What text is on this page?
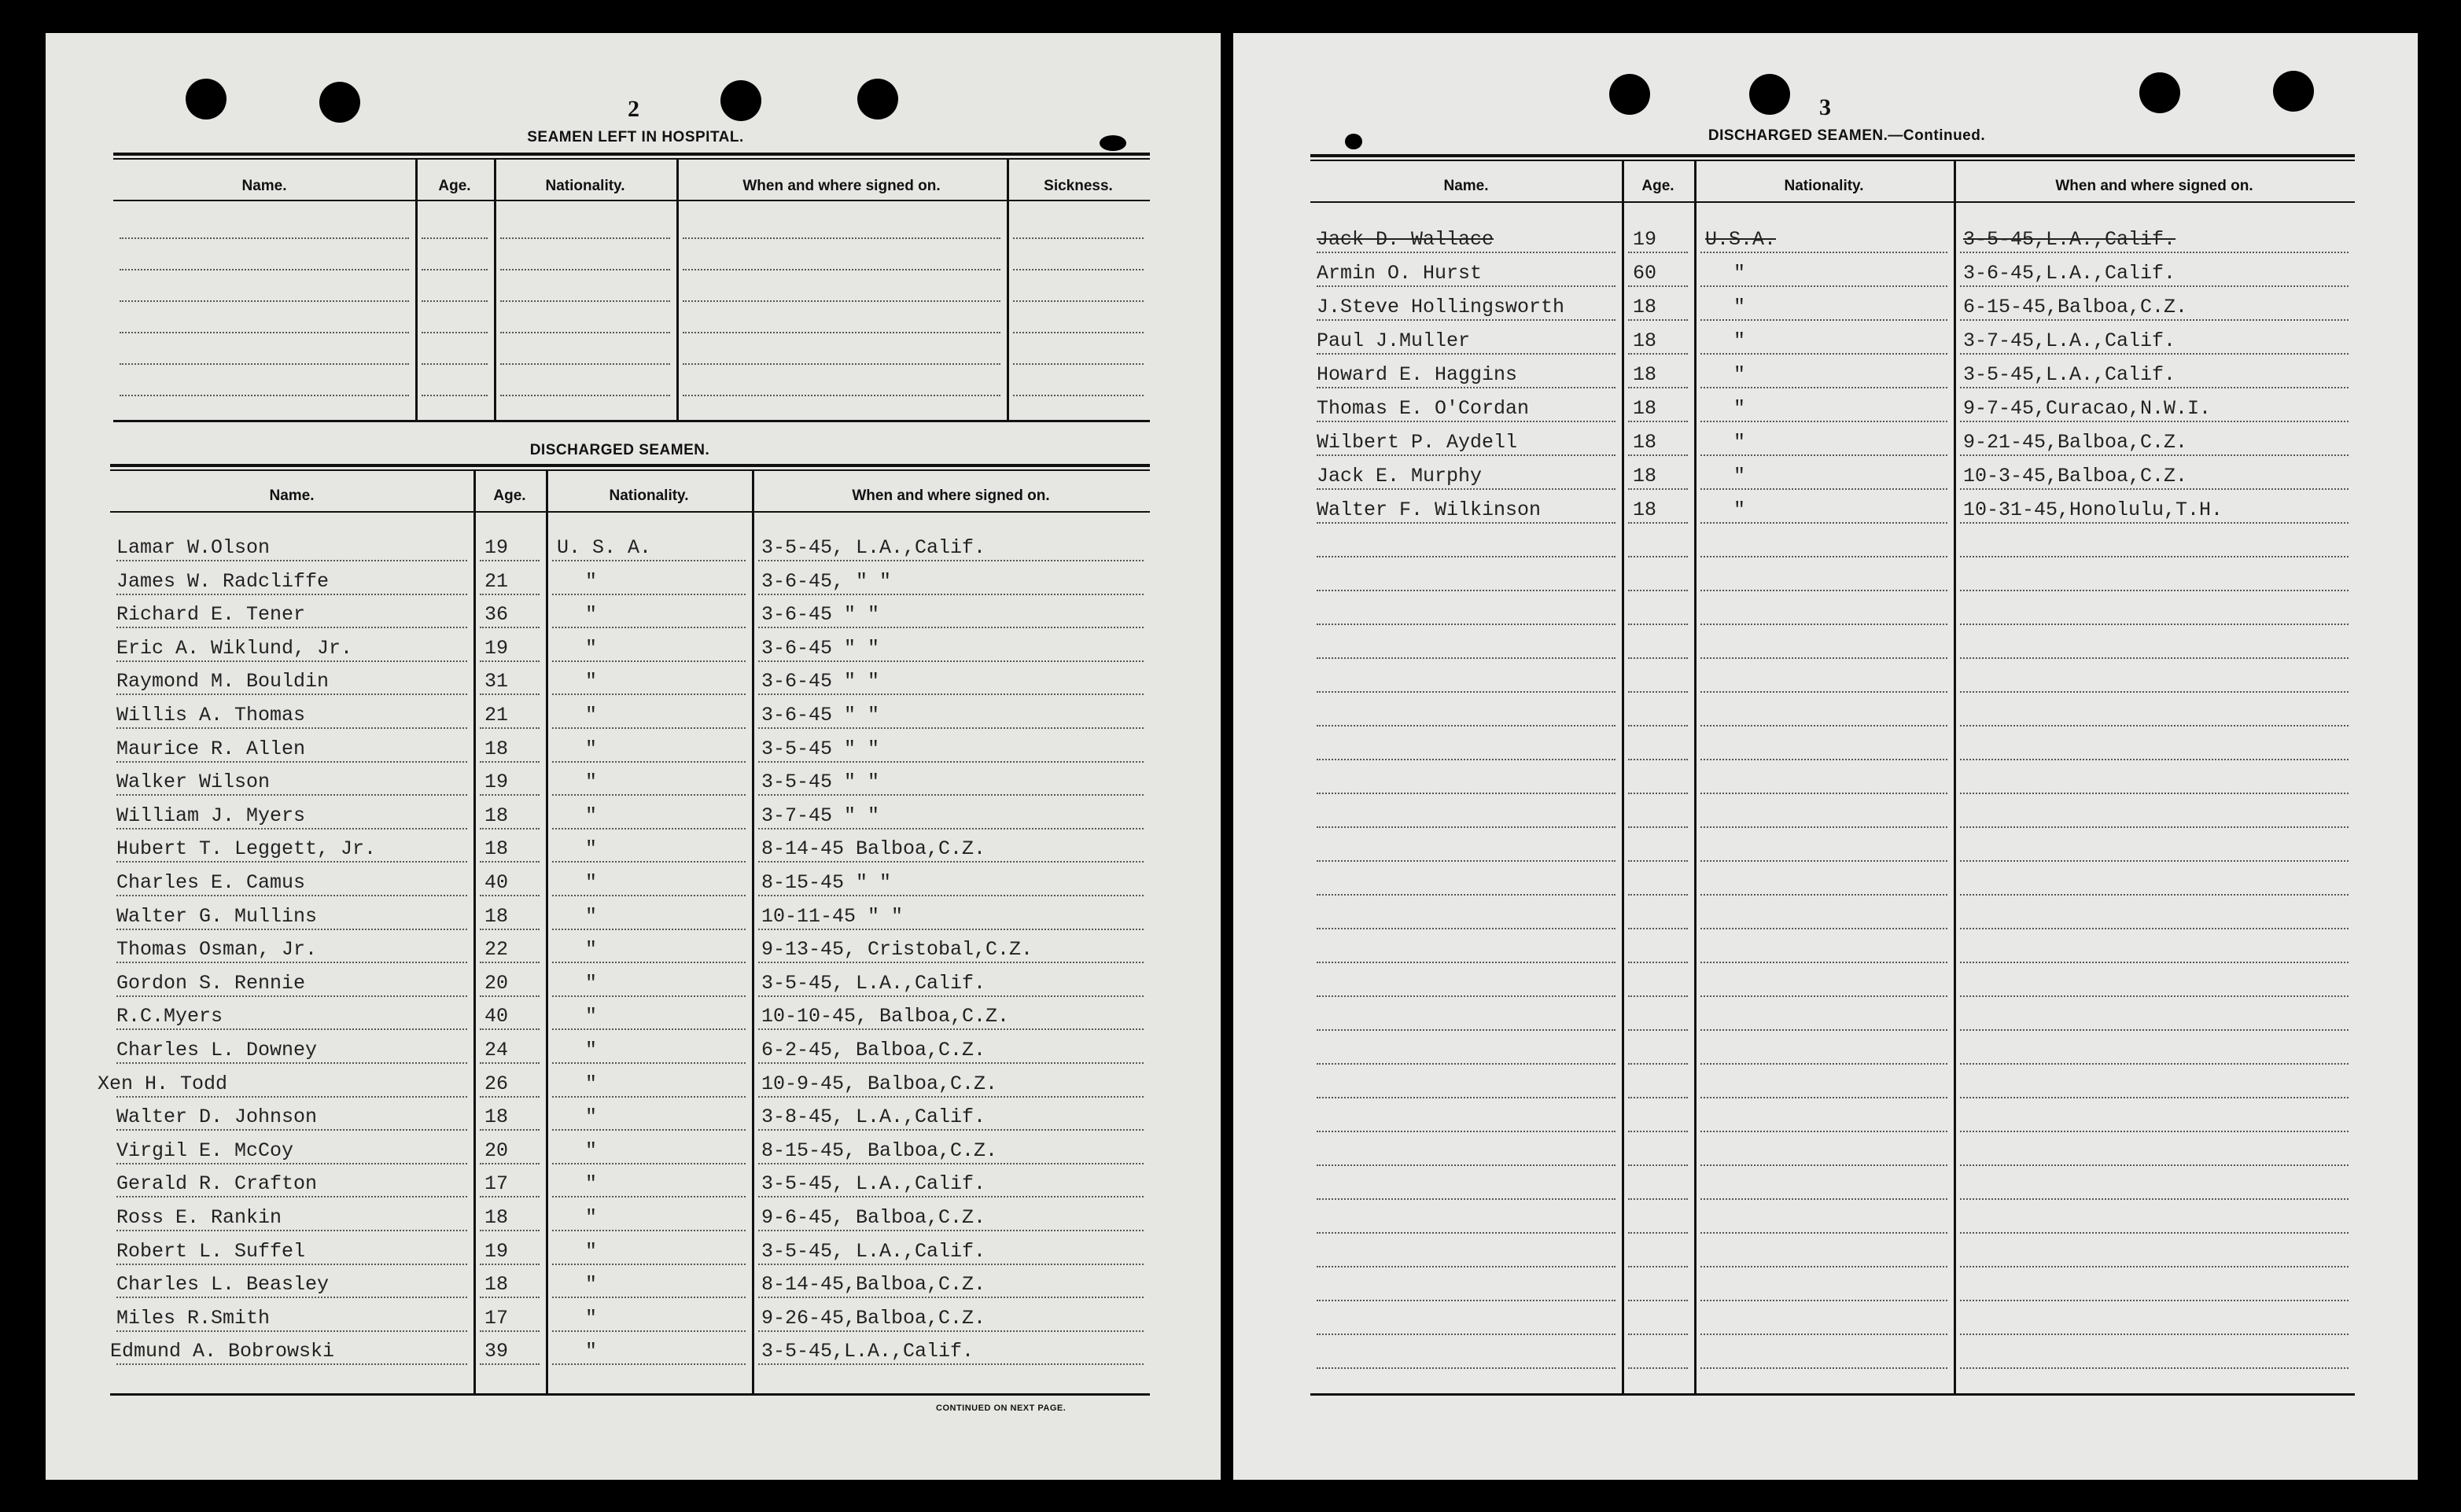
2
SEAMEN LEFT IN HOSPITAL.
Name.	Age.	Nationality.	When and where signed on.	Sickness.
DISCHARGED SEAMEN.
Name.	Age.	Nationality.	When and where signed on.
Lamar W.Olson	19 U. S. A.	3-5-45, L.A.,Calif.
James W. Radcliffe	21	"	3-6-45, " "
Richard E. Tener	36	"	3-6-45 " "
Eric A. Wiklund, Jr.	19	"	3-6-45 " "
Raymond M. Bouldin	31	"	3-6-45 " "
Willis A. Thomas	21	"	3-6-45 " "
Maurice R. Allen	18	"	3-5-45 " "
Walker Wilson	19	"	3-5-45 " "
William J. Myers	18	"	3-7-45 " "
Hubert T. Leggett, Jr.	18	"	8-14-45 Balboa,C.Z.
Charles E. Camus	40	"	8-15-45 " "
Walter G. Mullins	18	"	10-11-45 " "
Thomas Osman, Jr.	22	"	9-13-45, Cristobal,C.Z.
Gordon S. Rennie	20	"	3-5-45, L.A.,Calif.
R.C.Myers	40	"	10-10-45, Balboa,C.Z.
Charles L. Downey	24	"	6-2-45, Balboa,C.Z.
Xen H. Todd	26	"	10-9-45, Balboa,C.Z.
Walter D. Johnson	18	"	3-8-45, L.A.,Calif.
Virgil E. McCoy	20	"	8-15-45, Balboa,C.Z.
Gerald R. Crafton	17	"	3-5-45, L.A.,Calif.
Ross E. Rankin	18	"	9-6-45, Balboa,C.Z.
Robert L. Suffel	19	"	3-5-45, L.A.,Calif.
Charles L. Beasley	18	"	8-14-45,Balboa,C.Z.
Miles R.Smith	17	"	9-26-45,Balboa,C.Z.
Edmund A. Bobrowski	39	"	3-5-45,L.A.,Calif.
CONTINUED ON NEXT PAGE.
3
DISCHARGED SEAMEN.—Continued.
Name.	Age.	Nationality.	When and where signed on.
Jack D. Wallace	19 U.S.A.	3-5-45,L.A.,Calif.
Armin O. Hurst	60	"	3-6-45,L.A.,Calif.
J.Steve Hollingsworth	18	"	6-15-45,Balboa,C.Z.
Paul J.Muller	18	"	3-7-45,L.A.,Calif.
Howard E. Haggins	18	"	3-5-45,L.A.,Calif.
Thomas E. O'Cordan	18	"	9-7-45,Curacao,N.W.I.
Wilbert P. Aydell	18	"	9-21-45,Balboa,C.Z.
Jack E. Murphy	18	"	10-3-45,Balboa,C.Z.
Walter F. Wilkinson	18	"	10-31-45,Honolulu,T.H.
